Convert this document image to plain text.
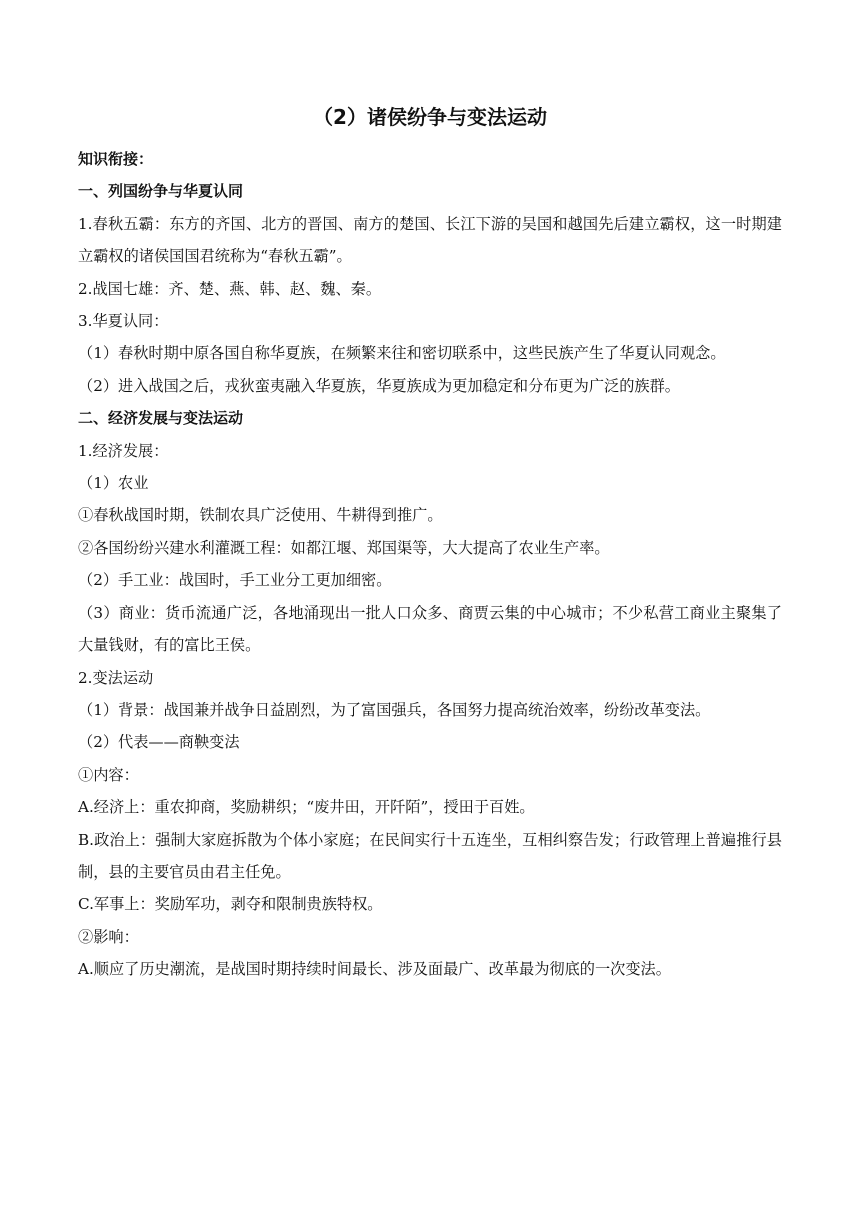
（2）诸侯纷争与变法运动

知识衔接：

一、列国纷争与华夏认同

1.春秋五霸：东方的齐国、北方的晋国、南方的楚国、长江下游的吴国和越国先后建立霸权，这一时期建立霸权的诸侯国国君统称为“春秋五霸”。

2.战国七雄：齐、楚、燕、韩、赵、魏、秦。

3.华夏认同：

（1）春秋时期中原各国自称华夏族，在频繁来往和密切联系中，这些民族产生了华夏认同观念。

（2）进入战国之后，戎狄蛮夷融入华夏族，华夏族成为更加稳定和分布更为广泛的族群。

二、经济发展与变法运动

1.经济发展：

（1）农业

①春秋战国时期，铁制农具广泛使用、牛耕得到推广。

②各国纷纷兴建水利灌溉工程：如都江堰、郑国渠等，大大提高了农业生产率。

（2）手工业：战国时，手工业分工更加细密。

（3）商业：货币流通广泛，各地涌现出一批人口众多、商贾云集的中心城市；不少私营工商业主聚集了大量钱财，有的富比王侯。

2.变法运动

（1）背景：战国兼并战争日益剧烈，为了富国强兵，各国努力提高统治效率，纷纷改革变法。

（2）代表——商鞅变法

①内容：

A.经济上：重农抑商，奖励耕织；“废井田，开阡陌”，授田于百姓。

B.政治上：强制大家庭拆散为个体小家庭；在民间实行十五连坐，互相纠察告发；行政管理上普遍推行县制，县的主要官员由君主任免。

C.军事上：奖励军功，剥夺和限制贵族特权。

②影响：

A.顺应了历史潮流，是战国时期持续时间最长、涉及面最广、改革最为彻底的一次变法。
